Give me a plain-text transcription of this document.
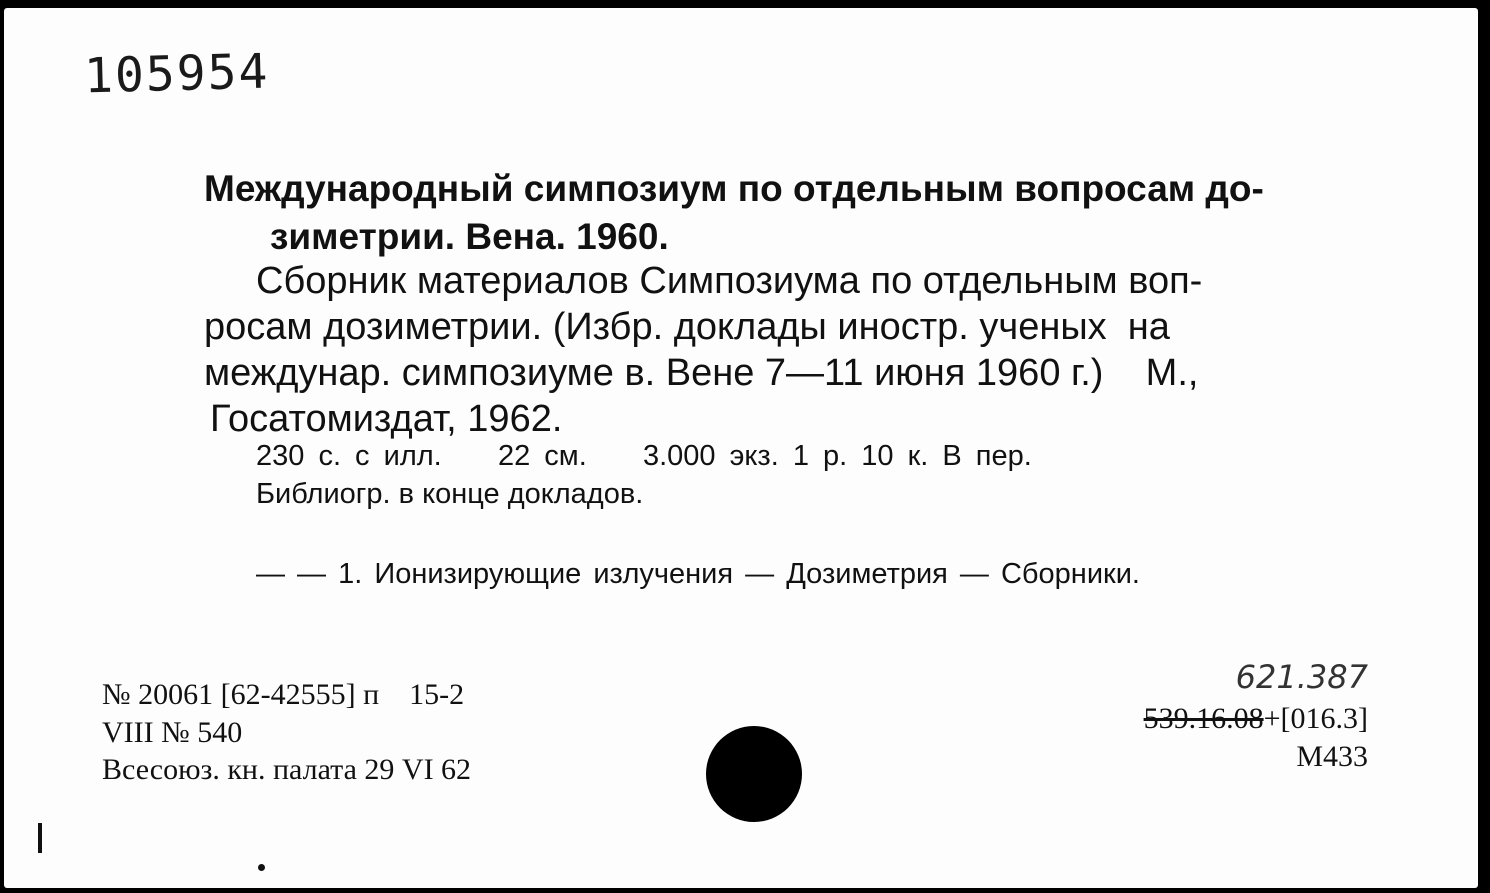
105954
Международный симпозиум по отдельным вопросам до-
зиметрии. Вена. 1960.
Сборник материалов Симпозиума по отдельным воп-
росам дозиметрии. (Избр. доклады иностр. ученых  на
междунар. симпозиуме в. Вене 7—11 июня 1960 г.)    М.,
Госатомиздат, 1962.
230 с. с илл.    22 см.    3.000 экз. 1 р. 10 к. В пер.
Библиогр. в конце докладов.
— — 1. Ионизирующие излучения — Дозиметрия — Сборники.
№ 20061 [62-42555] п    15-2
VIII № 540
Всесоюз. кн. палата 29 VI 62
621.387
539.16.08+[016.3]
М433
